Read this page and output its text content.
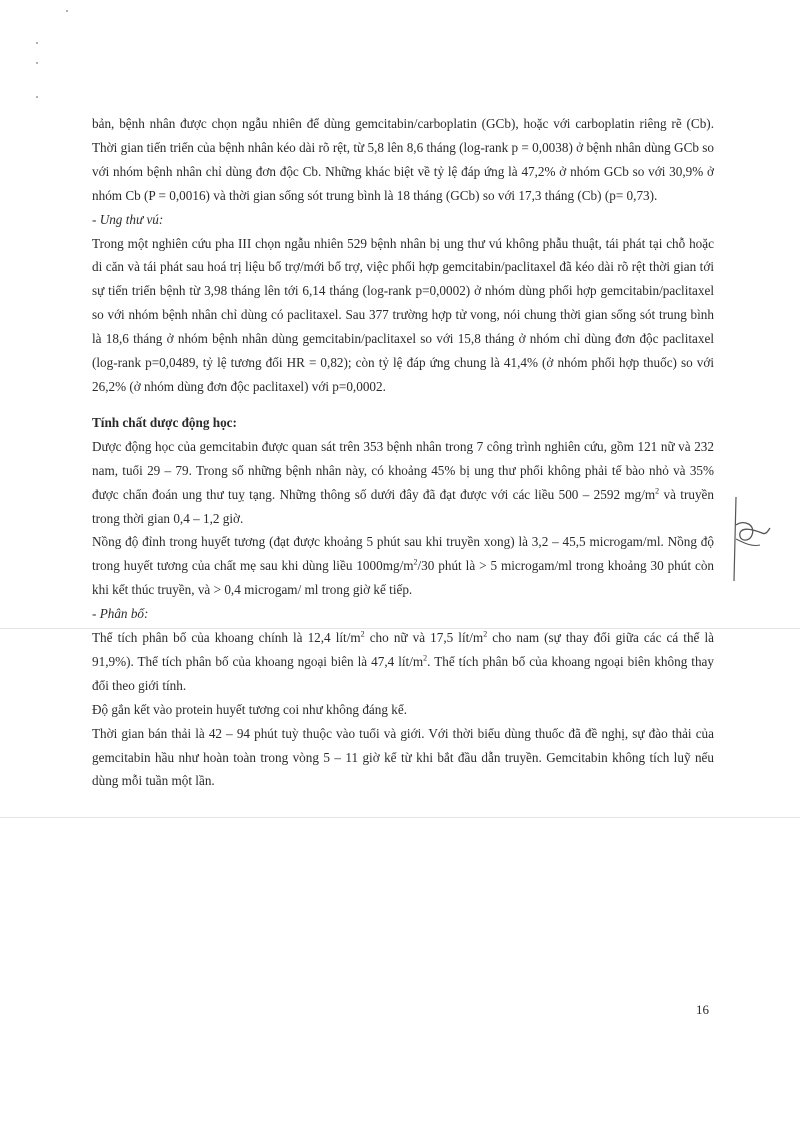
bản, bệnh nhân được chọn ngẫu nhiên để dùng gemcitabin/carboplatin (GCb), hoặc với carboplatin riêng rẽ (Cb). Thời gian tiến triển của bệnh nhân kéo dài rõ rệt, từ 5,8 lên 8,6 tháng (log-rank p = 0,0038) ở bệnh nhân dùng GCb so với nhóm bệnh nhân chỉ dùng đơn độc Cb. Những khác biệt về tỷ lệ đáp ứng là 47,2% ở nhóm GCb so với 30,9% ở nhóm Cb (P = 0,0016) và thời gian sống sót trung bình là 18 tháng (GCb) so với 17,3 tháng (Cb) (p= 0,73).

- Ung thư vú:

Trong một nghiên cứu pha III chọn ngẫu nhiên 529 bệnh nhân bị ung thư vú không phẫu thuật, tái phát tại chỗ hoặc di căn và tái phát sau hoá trị liệu bổ trợ/mới bổ trợ, việc phối hợp gemcitabin/paclitaxel đã kéo dài rõ rệt thời gian tới sự tiến triển bệnh từ 3,98 tháng lên tới 6,14 tháng (log-rank p=0,0002) ở nhóm dùng phối hợp gemcitabin/paclitaxel so với nhóm bệnh nhân chỉ dùng có paclitaxel. Sau 377 trường hợp tử vong, nói chung thời gian sống sót trung bình là 18,6 tháng ở nhóm bệnh nhân dùng gemcitabin/paclitaxel so với 15,8 tháng ở nhóm chỉ dùng đơn độc paclitaxel (log-rank p=0,0489, tỷ lệ tương đối HR = 0,82); còn tỷ lệ đáp ứng chung là 41,4% (ở nhóm phối hợp thuốc) so với 26,2% (ở nhóm dùng đơn độc paclitaxel) với p=0,0002.

Tính chất dược động học:

Dược động học của gemcitabin được quan sát trên 353 bệnh nhân trong 7 công trình nghiên cứu, gồm 121 nữ và 232 nam, tuổi 29 – 79. Trong số những bệnh nhân này, có khoảng 45% bị ung thư phổi không phải tế bào nhỏ và 35% được chẩn đoán ung thư tuỵ tạng. Những thông số dưới đây đã đạt được với các liều 500 – 2592 $mg/m^2$ và truyền trong thời gian 0,4 – 1,2 giờ.

Nồng độ đỉnh trong huyết tương (đạt được khoảng 5 phút sau khi truyền xong) là 3,2 – 45,5 microgam/ml. Nồng độ trong huyết tương của chất mẹ sau khi dùng liều $1000mg/m^2/30$ phút là > 5 microgam/ml trong khoảng 30 phút còn khi kết thúc truyền, và > 0,4 microgam/ ml trong giờ kế tiếp.

- Phân bố:

Thể tích phân bố của khoang chính là 12,4 lít/$m^2$ cho nữ và 17,5 lít/$m^2$ cho nam (sự thay đổi giữa các cá thể là 91,9%). Thể tích phân bố của khoang ngoại biên là 47,4 lít/$m^2$. Thể tích phân bố của khoang ngoại biên không thay đổi theo giới tính.

Độ gắn kết vào protein huyết tương coi như không đáng kể.

Thời gian bán thải là 42 – 94 phút tuỳ thuộc vào tuổi và giới. Với thời biểu dùng thuốc đã đề nghị, sự đào thải của gemcitabin hầu như hoàn toàn trong vòng 5 – 11 giờ kể từ khi bắt đầu dẫn truyền. Gemcitabin không tích luỹ nếu dùng mỗi tuần một lần.

16
